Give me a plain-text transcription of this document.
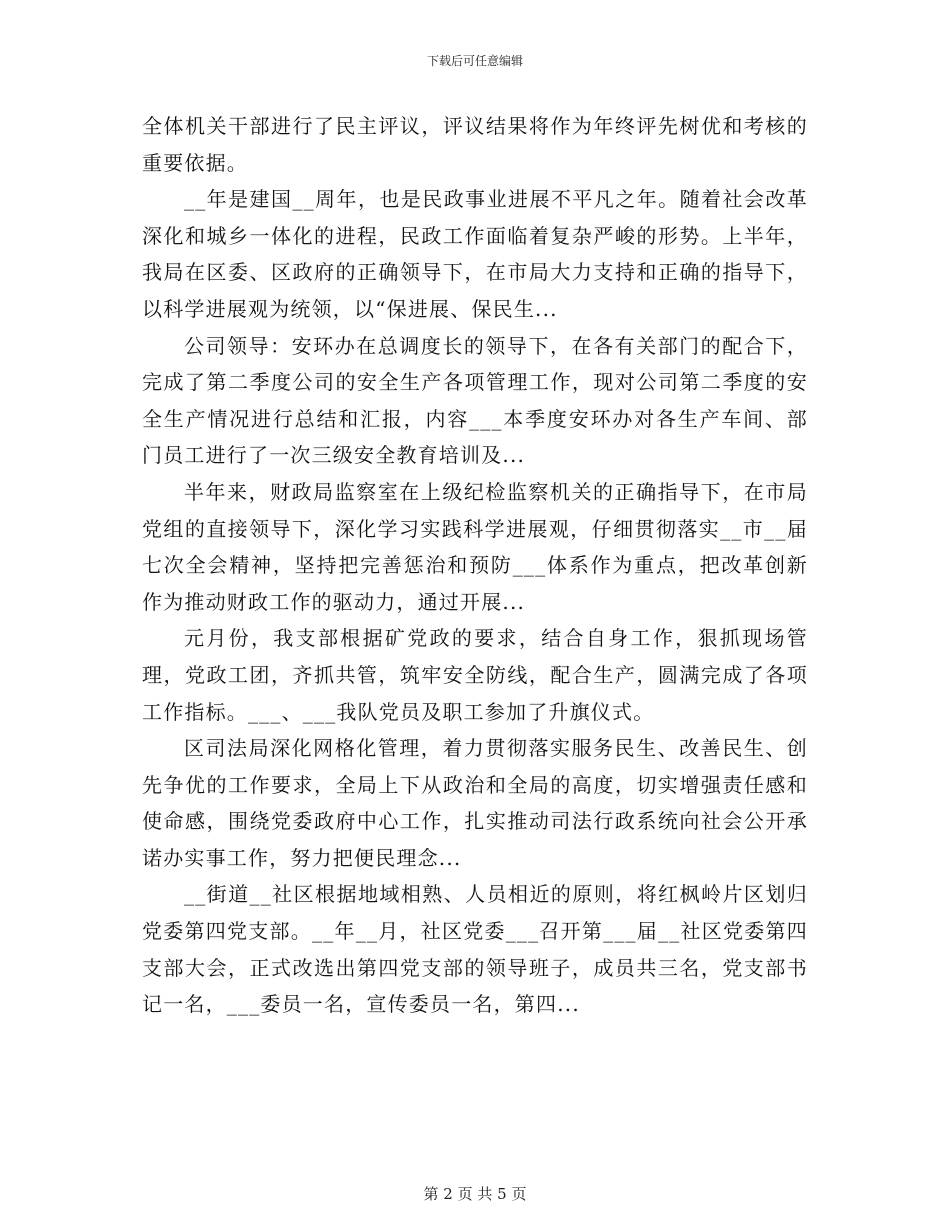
下载后可任意编辑

全体机关干部进行了民主评议，评议结果将作为年终评先树优和考核的重要依据。

__年是建国__周年，也是民政事业进展不平凡之年。随着社会改革深化和城乡一体化的进程，民政工作面临着复杂严峻的形势。上半年，我局在区委、区政府的正确领导下，在市局大力支持和正确的指导下，以科学进展观为统领，以“保进展、保民生...

公司领导：安环办在总调度长的领导下，在各有关部门的配合下，完成了第二季度公司的安全生产各项管理工作，现对公司第二季度的安全生产情况进行总结和汇报，内容___本季度安环办对各生产车间、部门员工进行了一次三级安全教育培训及...

半年来，财政局监察室在上级纪检监察机关的正确指导下，在市局党组的直接领导下，深化学习实践科学进展观，仔细贯彻落实__市__届七次全会精神，坚持把完善惩治和预防___体系作为重点，把改革创新作为推动财政工作的驱动力，通过开展...

元月份，我支部根据矿党政的要求，结合自身工作，狠抓现场管理，党政工团，齐抓共管，筑牢安全防线，配合生产，圆满完成了各项工作指标。___、___我队党员及职工参加了升旗仪式。

区司法局深化网格化管理，着力贯彻落实服务民生、改善民生、创先争优的工作要求，全局上下从政治和全局的高度，切实增强责任感和使命感，围绕党委政府中心工作，扎实推动司法行政系统向社会公开承诺办实事工作，努力把便民理念...

__街道__社区根据地域相熟、人员相近的原则，将红枫岭片区划归党委第四党支部。__年__月，社区党委___召开第___届__社区党委第四支部大会，正式改选出第四党支部的领导班子，成员共三名，党支部书记一名，___委员一名，宣传委员一名，第四...

第 2 页 共 5 页
